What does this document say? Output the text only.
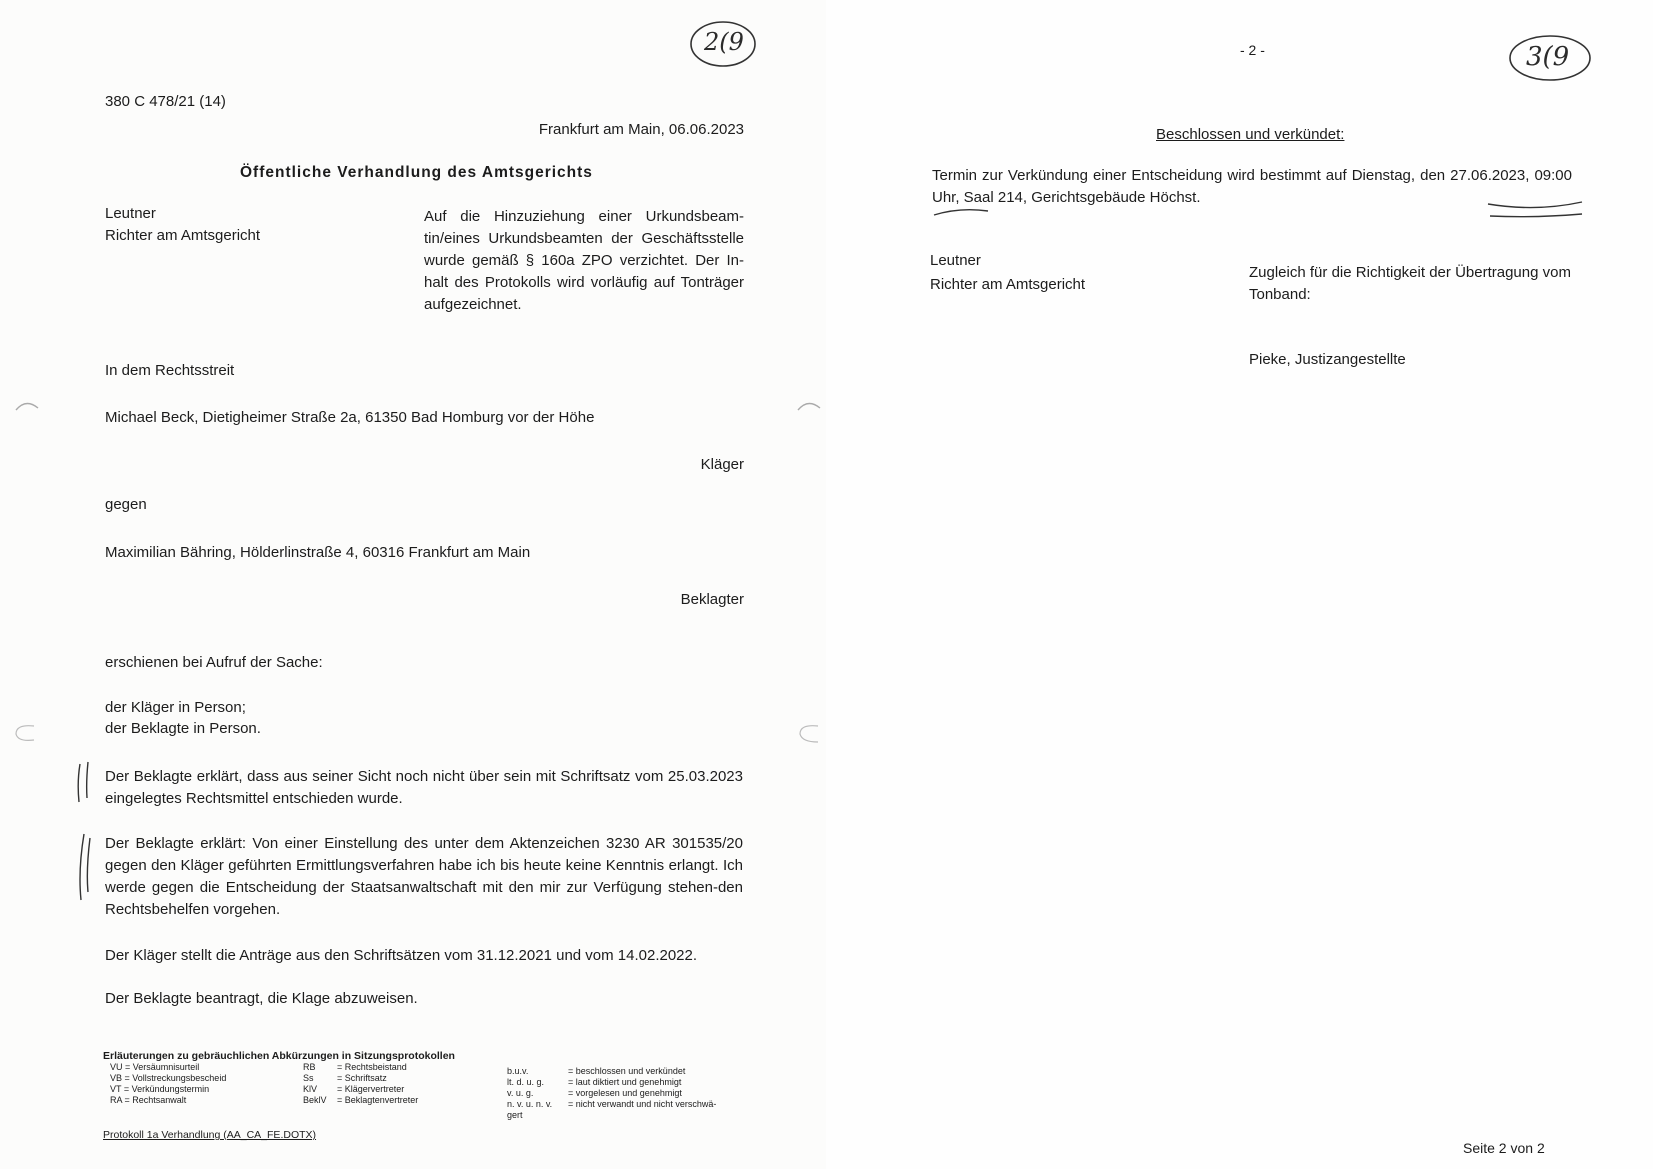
2(9
380 C 478/21 (14)
Frankfurt am Main, 06.06.2023
Öffentliche Verhandlung des Amtsgerichts
Leutner
Richter am Amtsgericht
Auf die Hinzuziehung einer Urkundsbeam-tin/eines Urkundsbeamten der Geschäftsstelle wurde gemäß § 160a ZPO verzichtet. Der In-halt des Protokolls wird vorläufig auf Tonträger aufgezeichnet.
In dem Rechtsstreit
Michael Beck, Dietigheimer Straße 2a, 61350 Bad Homburg vor der Höhe
Kläger
gegen
Maximilian Bähring, Hölderlinstraße 4, 60316 Frankfurt am Main
Beklagter
erschienen bei Aufruf der Sache:
der Kläger in Person;
der Beklagte in Person.
Der Beklagte erklärt, dass aus seiner Sicht noch nicht über sein mit Schriftsatz vom 25.03.2023 eingelegtes Rechtsmittel entschieden wurde.
Der Beklagte erklärt: Von einer Einstellung des unter dem Aktenzeichen 3230 AR 301535/20 gegen den Kläger geführten Ermittlungsverfahren habe ich bis heute keine Kenntnis erlangt. Ich werde gegen die Entscheidung der Staatsanwaltschaft mit den mir zur Verfügung stehen-den Rechtsbehelfen vorgehen.
Der Kläger stellt die Anträge aus den Schriftsätzen vom 31.12.2021 und vom 14.02.2022.
Der Beklagte beantragt, die Klage abzuweisen.
Erläuterungen zu gebräuchlichen Abkürzungen in Sitzungsprotokollen
VU = Versäumnisurteil
VB = Vollstreckungsbescheid
VT = Verkündungstermin
RA = Rechtsanwalt
RB
Ss
KlV
BeklV
= Rechtsbeistand
= Schriftsatz
= Klägervertreter
= Beklagtenvertreter
b.u.v.
lt. d. u. g.
v. u. g.
n. v. u. n. v.
gert
= beschlossen und verkündet
= laut diktiert und genehmigt
= vorgelesen und genehmigt
= nicht verwandt und nicht verschwä-
Protokoll 1a Verhandlung (AA_CA_FE.DOTX)
- 2 -	3(9
Beschlossen und verkündet:
Termin zur Verkündung einer Entscheidung wird bestimmt auf Dienstag, den 27.06.2023, 09:00 Uhr, Saal 214, Gerichtsgebäude Höchst.
Leutner
Richter am Amtsgericht
Zugleich für die Richtigkeit der Übertragung vom Tonband:
Pieke, Justizangestellte
Seite 2 von 2
